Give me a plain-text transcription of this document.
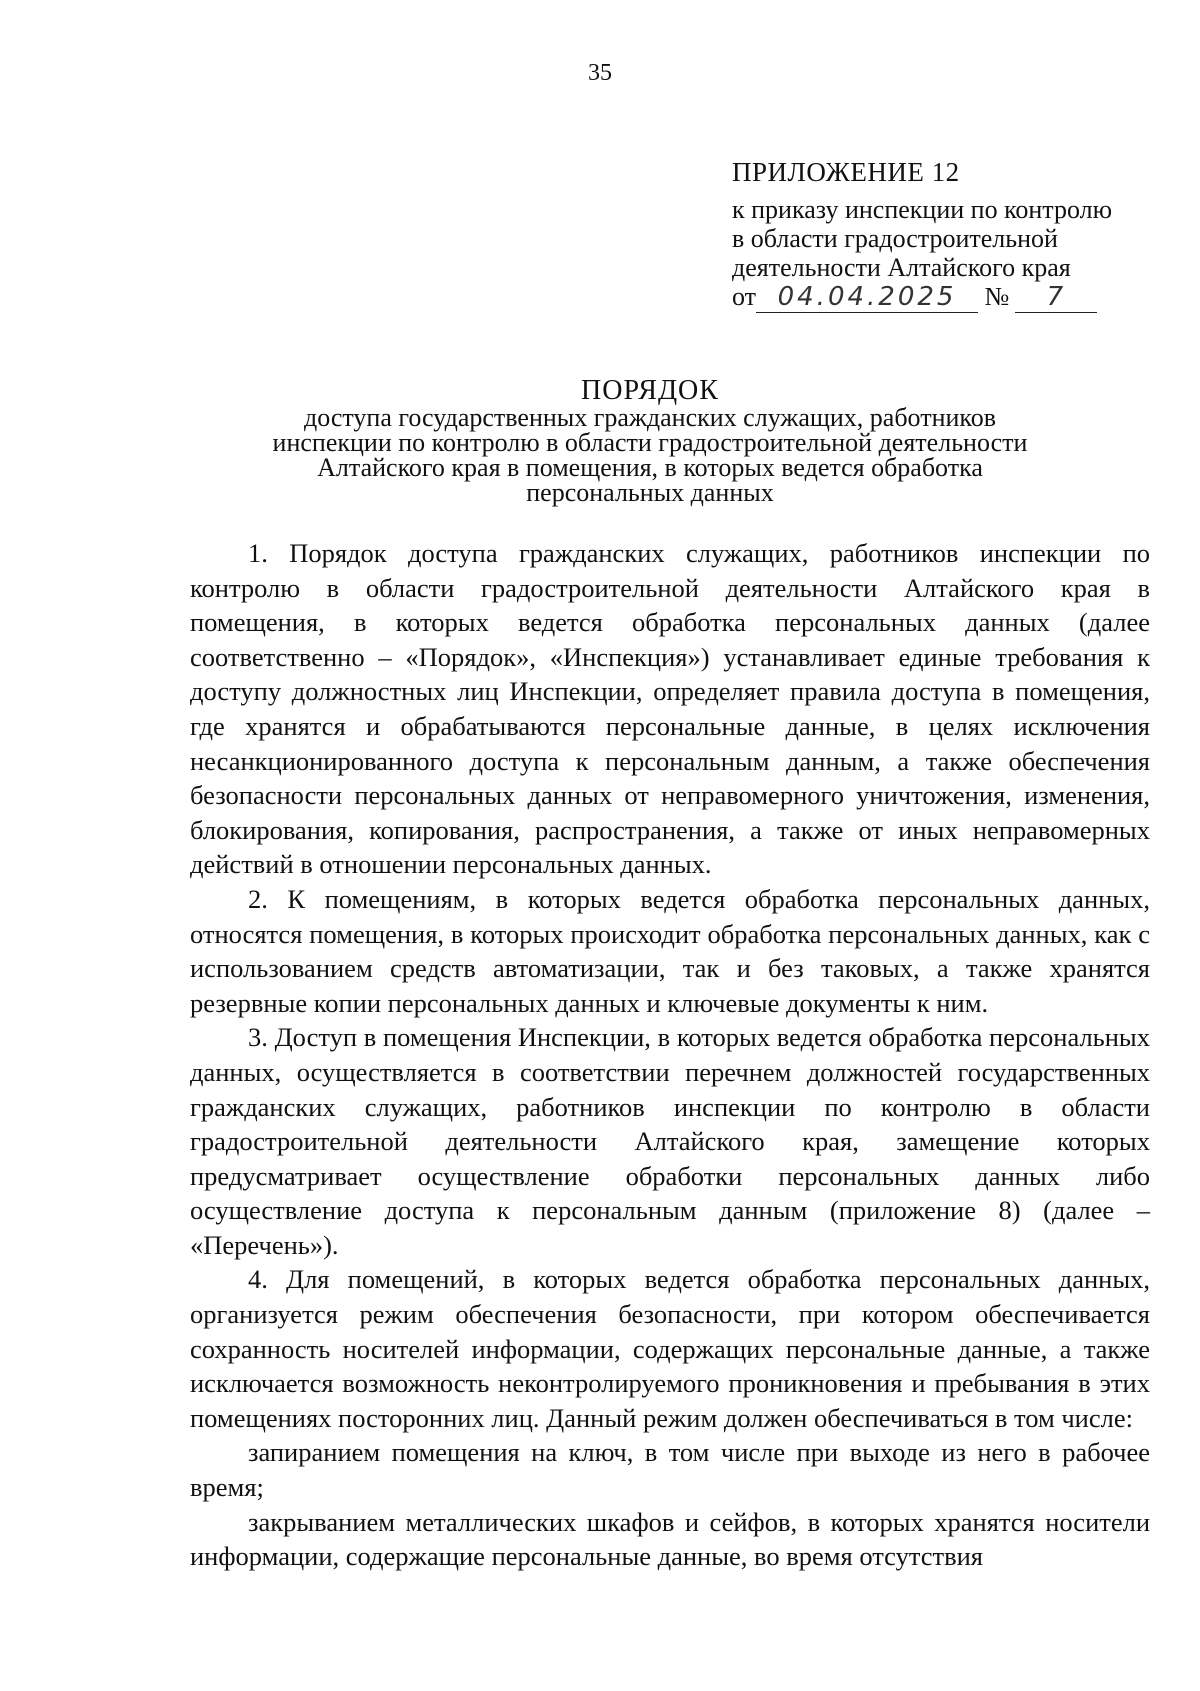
35
ПРИЛОЖЕНИЕ 12
к приказу инспекции по контролю
в области градостроительной
деятельности Алтайского края
от 04.04.2025 № 7
ПОРЯДОК
доступа государственных гражданских служащих, работников
инспекции по контролю в области градостроительной деятельности
Алтайского края в помещения, в которых ведется обработка
персональных данных

1. Порядок доступа гражданских служащих, работников инспекции по контролю в области градостроительной деятельности Алтайского края в помещения, в которых ведется обработка персональных данных (далее соответственно – «Порядок», «Инспекция») устанавливает единые требования к доступу должностных лиц Инспекции, определяет правила доступа в помещения, где хранятся и обрабатываются персональные данные, в целях исключения несанкционированного доступа к персональным данным, а также обеспечения безопасности персональных данных от неправомерного уничтожения, изменения, блокирования, копирования, распространения, а также от иных неправомерных действий в отношении персональных данных.

2. К помещениям, в которых ведется обработка персональных данных, относятся помещения, в которых происходит обработка персональных данных, как с использованием средств автоматизации, так и без таковых, а также хранятся резервные копии персональных данных и ключевые документы к ним.

3. Доступ в помещения Инспекции, в которых ведется обработка персональных данных, осуществляется в соответствии перечнем должностей государственных гражданских служащих, работников инспекции по контролю в области градостроительной деятельности Алтайского края, замещение которых предусматривает осуществление обработки персональных данных либо осуществление доступа к персональным данным (приложение 8) (далее – «Перечень»).

4. Для помещений, в которых ведется обработка персональных данных, организуется режим обеспечения безопасности, при котором обеспечивается сохранность носителей информации, содержащих персональные данные, а также исключается возможность неконтролируемого проникновения и пребывания в этих помещениях посторонних лиц. Данный режим должен обеспечиваться в том числе:

запиранием помещения на ключ, в том числе при выходе из него в рабочее время;

закрыванием металлических шкафов и сейфов, в которых хранятся носители информации, содержащие персональные данные, во время отсутствия
